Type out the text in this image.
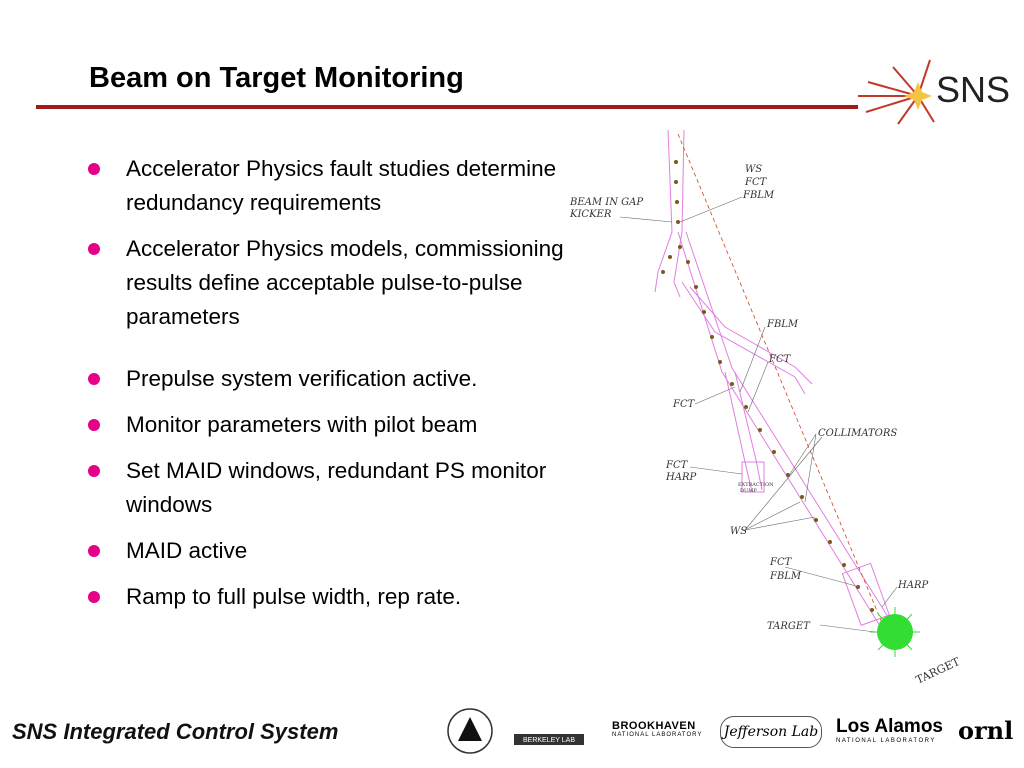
Beam on Target Monitoring	SNS
Accelerator Physics fault studies determine redundancy requirements
Accelerator Physics models, commissioning results define acceptable pulse-to-pulse parameters
Prepulse system verification active.
Monitor parameters with pilot beam
Set MAID windows, redundant PS monitor windows
MAID active
Ramp to full pulse width, rep rate.
WS
FCT
FBLM
BEAM IN GAP
KICKER
FBLM
FCT
FCT
COLLIMATORS
FCT
HARP
EXTRACTION
DUMP
WS
FCT
FBLM
HARP
TARGET
TARGET
SNS Integrated Control System	BERKELEY LAB
BROOKHAVEN
NATIONAL LABORATORY	Jefferson Lab Los Alamos
NATIONAL LABORATORY ornl
